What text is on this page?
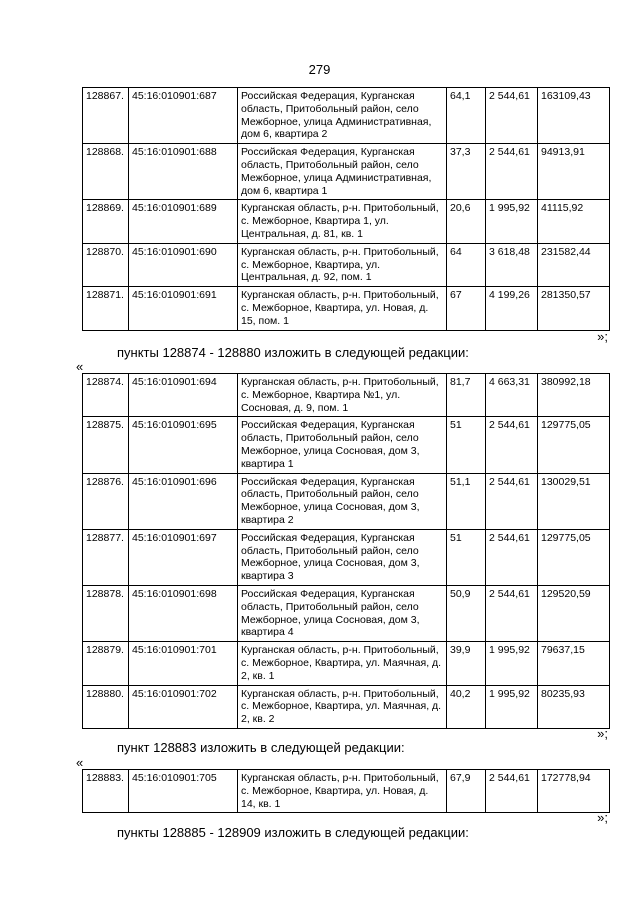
279
128867.	45:16:010901:687	Российская Федерация, Курганская область, Притобольный район, село Межборное, улица Административная, дом 6, квартира 2	64,1	2 544,61	163109,43
128868.	45:16:010901:688	Российская Федерация, Курганская область, Притобольный район, село Межборное, улица Административная, дом 6, квартира 1	37,3	2 544,61	94913,91
128869.	45:16:010901:689	Курганская область, р-н. Притобольный, с. Межборное, Квартира 1, ул. Центральная, д. 81, кв. 1	20,6	1 995,92	41115,92
128870.	45:16:010901:690	Курганская область, р-н. Притобольный, с. Межборное, Квартира, ул. Центральная, д. 92, пом. 1	64	3 618,48	231582,44
128871.	45:16:010901:691	Курганская область, р-н. Притобольный, с. Межборное, Квартира, ул. Новая, д. 15, пом. 1	67	4 199,26	281350,57
»;
пункты 128874 - 128880 изложить в следующей редакции:
«
128874.	45:16:010901:694	Курганская область, р-н. Притобольный, с. Межборное, Квартира №1, ул. Сосновая, д. 9, пом. 1	81,7	4 663,31	380992,18
128875.	45:16:010901:695	Российская Федерация, Курганская область, Притобольный район, село Межборное, улица Сосновая, дом 3, квартира 1	51	2 544,61	129775,05
128876.	45:16:010901:696	Российская Федерация, Курганская область, Притобольный район, село Межборное, улица Сосновая, дом 3, квартира 2	51,1	2 544,61	130029,51
128877.	45:16:010901:697	Российская Федерация, Курганская область, Притобольный район, село Межборное, улица Сосновая, дом 3, квартира 3	51	2 544,61	129775,05
128878.	45:16:010901:698	Российская Федерация, Курганская область, Притобольный район, село Межборное, улица Сосновая, дом 3, квартира 4	50,9	2 544,61	129520,59
128879.	45:16:010901:701	Курганская область, р-н. Притобольный, с. Межборное, Квартира, ул. Маячная, д. 2, кв. 1	39,9	1 995,92	79637,15
128880.	45:16:010901:702	Курганская область, р-н. Притобольный, с. Межборное, Квартира, ул. Маячная, д. 2, кв. 2	40,2	1 995,92	80235,93
»;
пункт 128883 изложить в следующей редакции:
«
128883.	45:16:010901:705	Курганская область, р-н. Притобольный, с. Межборное, Квартира, ул. Новая, д. 14, кв. 1	67,9	2 544,61	172778,94
»;
пункты 128885 - 128909 изложить в следующей редакции:
